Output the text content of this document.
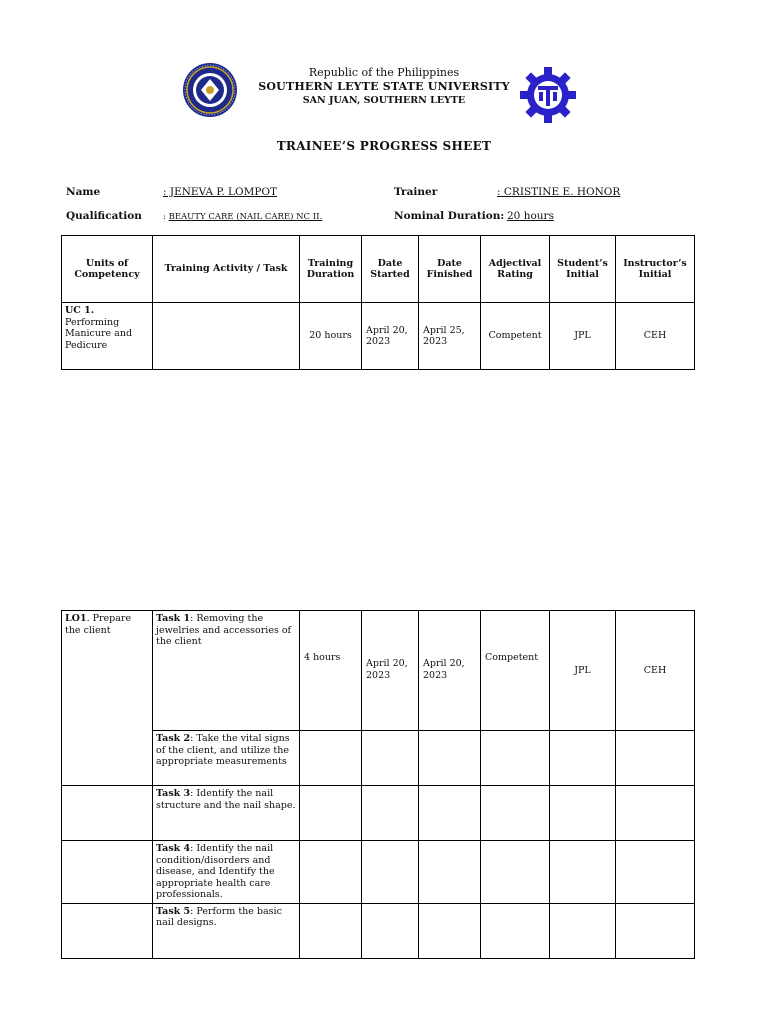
Republic of the Philippines
SOUTHERN LEYTE STATE UNIVERSITY
SAN JUAN, SOUTHERN LEYTE
TRAINEE’S PROGRESS SHEET
Name	: JENEVA P. LOMPOT	Trainer	: CRISTINE E. HONOR
Qualification : BEAUTY CARE (NAIL CARE) NC II.	Nominal Duration: 20 hours
Units of Competency	Training Activity / Task	Training Duration	Date Started	Date Finished	Adjectival Rating	Student’s Initial	Instructor’s Initial
UC 1.
Performing Manicure and Pedicure		20 hours	April 20, 2023	April 25, 2023	Competent	JPL	CEH
LO1. Prepare the client	Task 1: Removing the jewelries and accessories of the client	4 hours	April 20, 2023	April 20, 2023	Competent	JPL	CEH
	Task 2: Take the vital signs of the client, and utilize the appropriate measurements						
	Task 3: Identify the nail structure and the nail shape.						
	Task 4: Identify the nail condition/disorders and disease, and Identify the appropriate health care professionals.						
	Task 5: Perform the basic nail designs.						
